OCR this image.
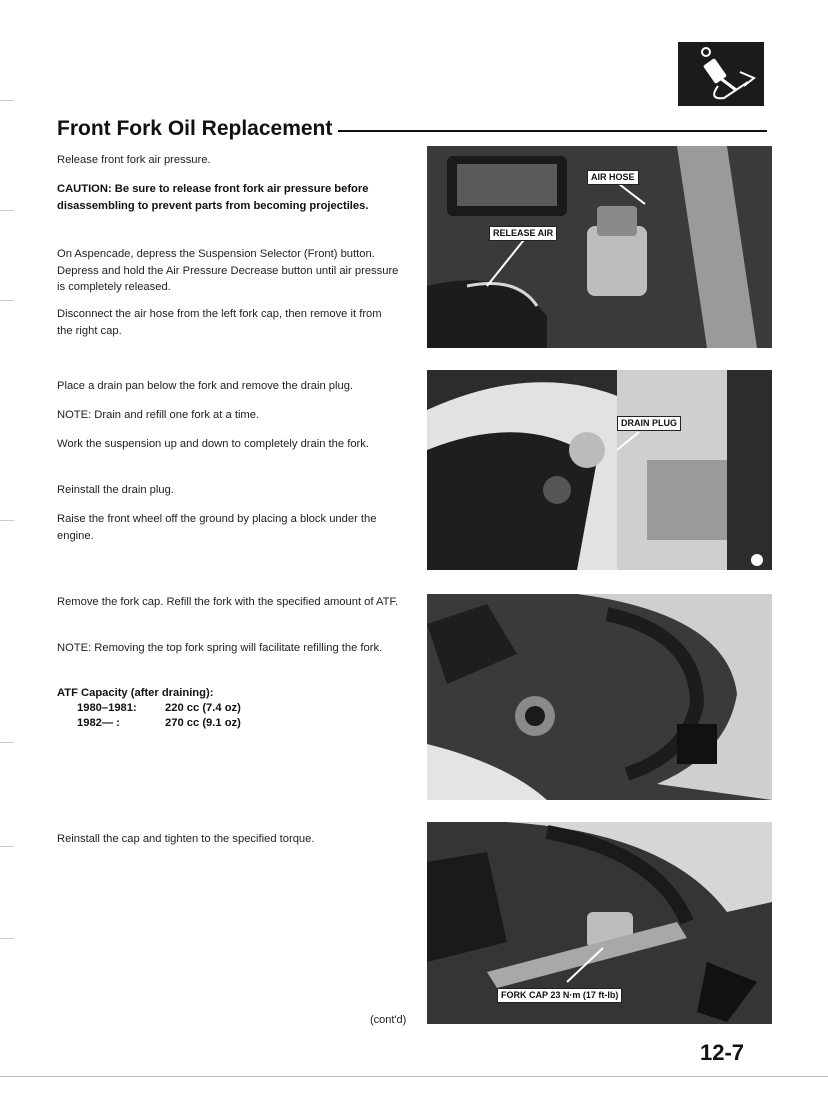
Front Fork Oil Replacement

Release front fork air pressure.

CAUTION: Be sure to release front fork air pressure before disassembling to prevent parts from becoming projectiles.

On Aspencade, depress the Suspension Selector (Front) button. Depress and hold the Air Pressure Decrease button until air pressure is completely released.

Disconnect the air hose from the left fork cap, then remove it from the right cap.

AIR HOSE
RELEASE AIR

Place a drain pan below the fork and remove the drain plug.

NOTE: Drain and refill one fork at a time.

Work the suspension up and down to completely drain the fork.

Reinstall the drain plug.

Raise the front wheel off the ground by placing a block under the engine.

DRAIN PLUG

Remove the fork cap. Refill the fork with the specified amount of ATF.

NOTE: Removing the top fork spring will facilitate refilling the fork.

ATF Capacity (after draining):
1980–1981:	220 cc (7.4 oz)
1982— :	270 cc (9.1 oz)

Reinstall the cap and tighten to the specified torque.

FORK CAP 23 N·m (17 ft-lb)
(cont'd)
12-7
